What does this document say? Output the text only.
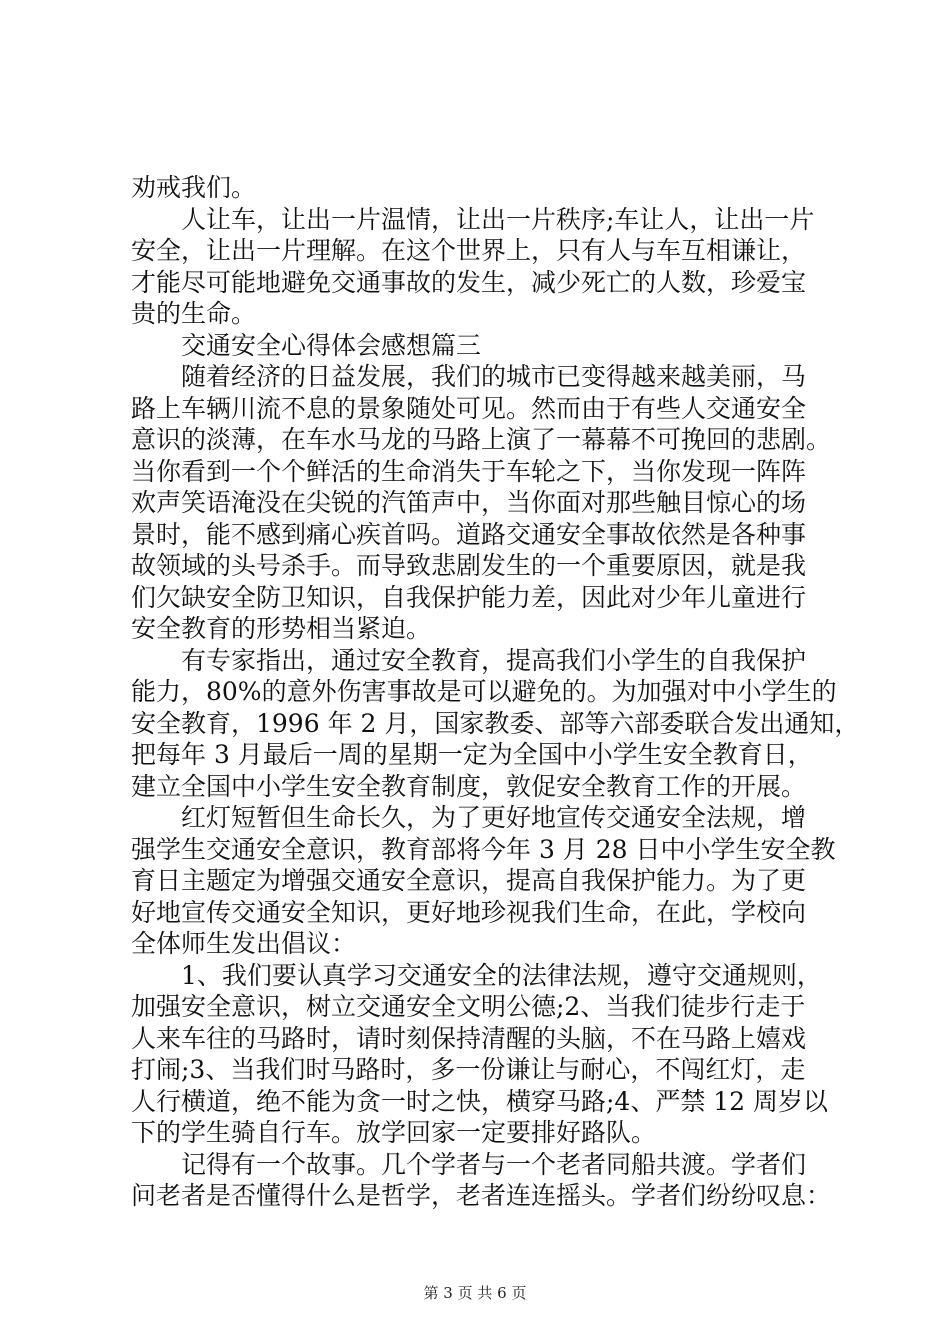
劝戒我们。
人让车，让出一片温情，让出一片秩序;车让人，让出一片
安全，让出一片理解。在这个世界上，只有人与车互相谦让，
才能尽可能地避免交通事故的发生，减少死亡的人数，珍爱宝
贵的生命。
交通安全心得体会感想篇三
随着经济的日益发展，我们的城市已变得越来越美丽，马
路上车辆川流不息的景象随处可见。然而由于有些人交通安全
意识的淡薄，在车水马龙的马路上演了一幕幕不可挽回的悲剧。
当你看到一个个鲜活的生命消失于车轮之下，当你发现一阵阵
欢声笑语淹没在尖锐的汽笛声中，当你面对那些触目惊心的场
景时，能不感到痛心疾首吗。道路交通安全事故依然是各种事
故领域的头号杀手。而导致悲剧发生的一个重要原因，就是我
们欠缺安全防卫知识，自我保护能力差，因此对少年儿童进行
安全教育的形势相当紧迫。
有专家指出，通过安全教育，提高我们小学生的自我保护
能力，80%的意外伤害事故是可以避免的。为加强对中小学生的
安全教育，1996 年 2 月，国家教委、部等六部委联合发出通知，
把每年 3 月最后一周的星期一定为全国中小学生安全教育日，
建立全国中小学生安全教育制度，敦促安全教育工作的开展。
红灯短暂但生命长久，为了更好地宣传交通安全法规，增
强学生交通安全意识，教育部将今年 3 月 28 日中小学生安全教
育日主题定为增强交通安全意识，提高自我保护能力。为了更
好地宣传交通安全知识，更好地珍视我们生命，在此，学校向
全体师生发出倡议：
1、我们要认真学习交通安全的法律法规，遵守交通规则，
加强安全意识，树立交通安全文明公德;2、当我们徒步行走于
人来车往的马路时，请时刻保持清醒的头脑，不在马路上嬉戏
打闹;3、当我们时马路时，多一份谦让与耐心，不闯红灯，走
人行横道，绝不能为贪一时之快，横穿马路;4、严禁 12 周岁以
下的学生骑自行车。放学回家一定要排好路队。
记得有一个故事。几个学者与一个老者同船共渡。学者们
问老者是否懂得什么是哲学，老者连连摇头。学者们纷纷叹息：
第 3 页 共 6 页
